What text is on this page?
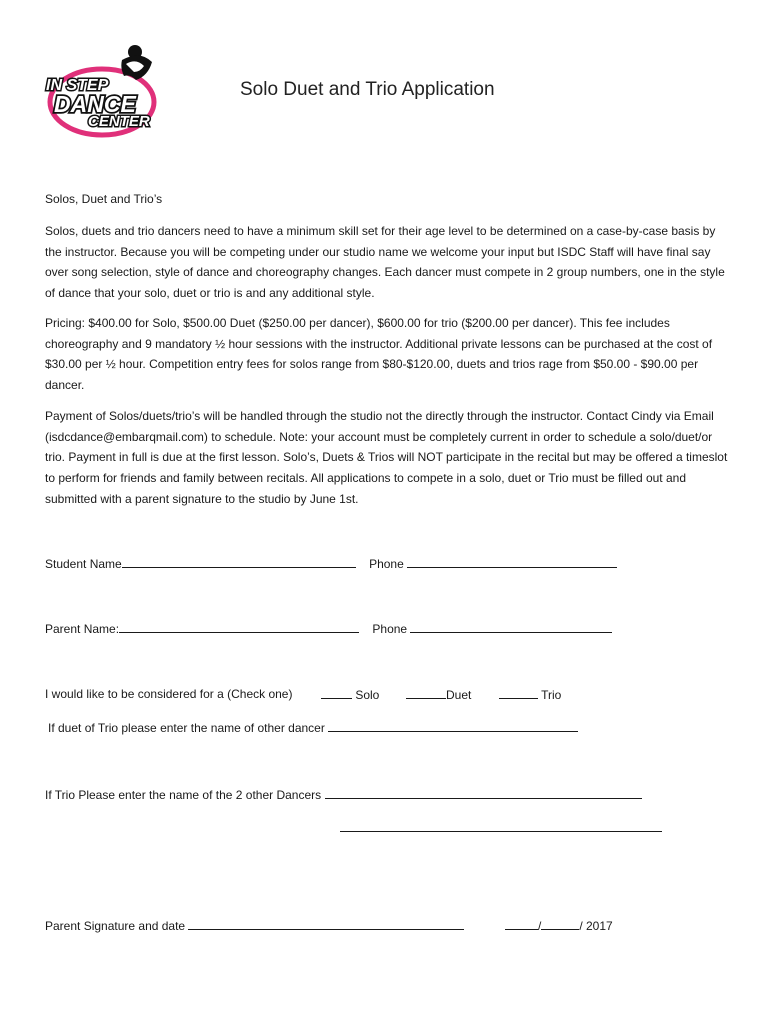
IN STEP
DANCE
CENTER
Solo Duet and Trio Application
Solos, Duet and Trio’s
Solos, duets and trio dancers need to have a minimum skill set for their age level to be determined on a case-by-case basis by the instructor. Because you will be competing under our studio name we welcome your input but ISDC Staff will have final say over song selection, style of dance and choreography changes. Each dancer must compete in 2 group numbers, one in the style of dance that your solo, duet or trio is and any additional style.
Pricing: $400.00 for Solo, $500.00 Duet ($250.00 per dancer), $600.00 for trio ($200.00 per dancer). This fee includes choreography and 9 mandatory ½ hour sessions with the instructor. Additional private lessons can be purchased at the cost of $30.00 per ½ hour. Competition entry fees for solos range from $80-$120.00, duets and trios rage from $50.00 - $90.00 per dancer.
Payment of Solos/duets/trio’s will be handled through the studio not the directly through the instructor. Contact Cindy via Email (isdcdance@embarqmail.com) to schedule. Note: your account must be completely current in order to schedule a solo/duet/or trio. Payment in full is due at the first lesson. Solo’s, Duets & Trios will NOT participate in the recital but may be offered a timeslot to perform for friends and family between recitals. All applications to compete in a solo, duet or Trio must be filled out and submitted with a parent signature to the studio by June 1st.
Student Name	Phone
Parent Name:	Phone
I would like to be considered for a (Check one)	Solo	Duet	Trio
If duet of Trio please enter the name of other dancer
If Trio Please enter the name of the 2 other Dancers
Parent Signature and date	/	/ 2017
